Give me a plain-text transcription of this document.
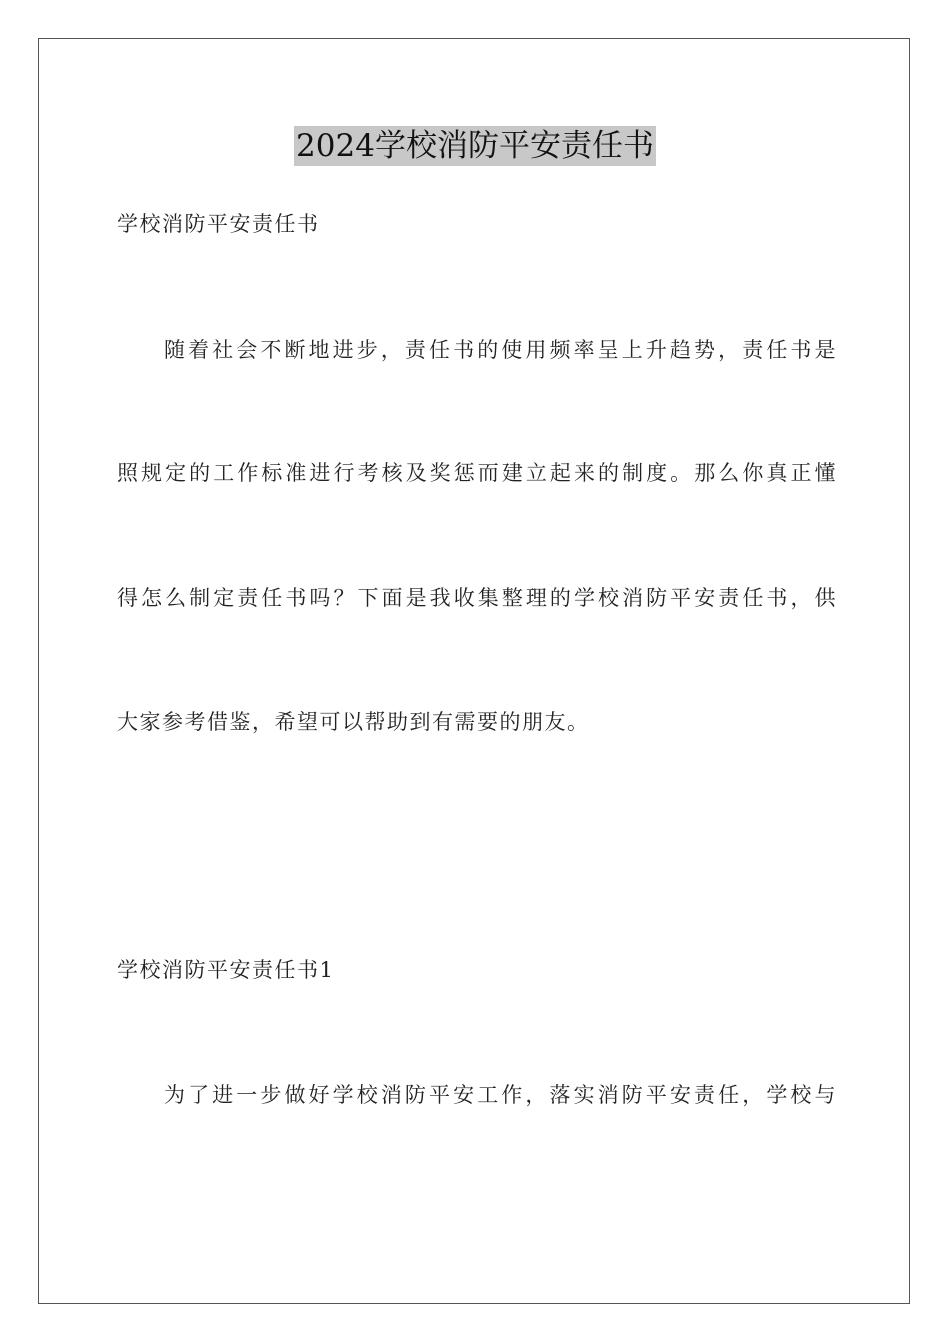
2024学校消防平安责任书
学校消防平安责任书
随着社会不断地进步，责任书的使用频率呈上升趋势，责任书是
照规定的工作标准进行考核及奖惩而建立起来的制度。那么你真正懂
得怎么制定责任书吗？下面是我收集整理的学校消防平安责任书，供
大家参考借鉴，希望可以帮助到有需要的朋友。
学校消防平安责任书1
为了进一步做好学校消防平安工作，落实消防平安责任，学校与
